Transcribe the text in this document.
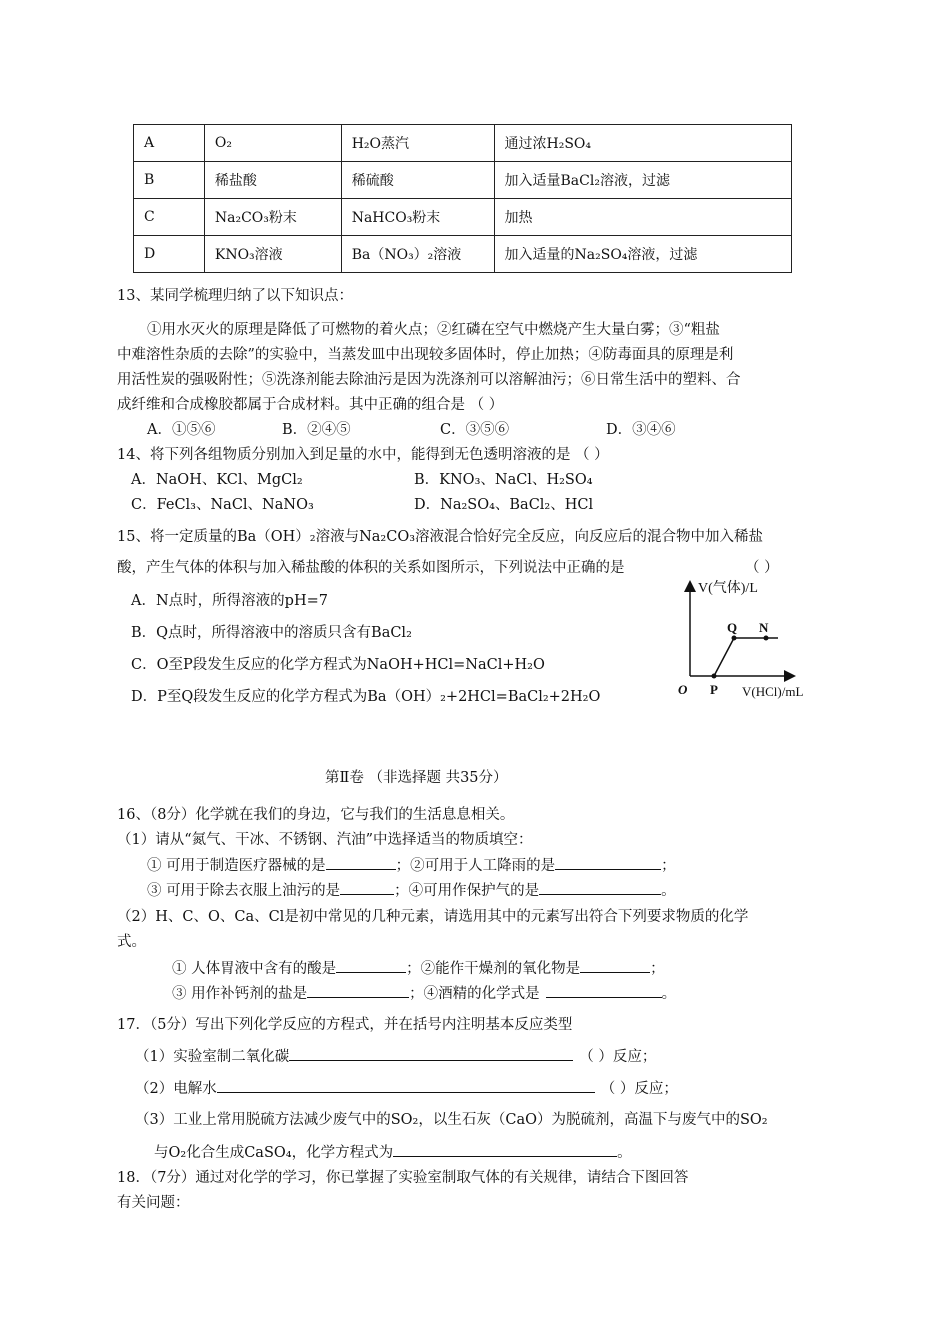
A	O₂	H₂O蒸汽	通过浓H₂SO₄
B	稀盐酸	稀硫酸	加入适量BaCl₂溶液，过滤
C	Na₂CO₃粉末	NaHCO₃粉末	加热
D	KNO₃溶液	Ba（NO₃）₂溶液	加入适量的Na₂SO₄溶液，过滤
13、某同学梳理归纳了以下知识点：
①用水灭火的原理是降低了可燃物的着火点；②红磷在空气中燃烧产生大量白雾；③“粗盐
中难溶性杂质的去除”的实验中，当蒸发皿中出现较多固体时，停止加热；④防毒面具的原理是利
用活性炭的强吸附性；⑤洗涤剂能去除油污是因为洗涤剂可以溶解油污；⑥日常生活中的塑料、合
成纤维和合成橡胶都属于合成材料。其中正确的组合是 （ ）
A．①⑤⑥	B．②④⑤	C．③⑤⑥	D．③④⑥
14、将下列各组物质分别加入到足量的水中，能得到无色透明溶液的是 （ ）
A．NaOH、KCl、MgCl₂	B．KNO₃、NaCl、H₂SO₄
C．FeCl₃、NaCl、NaNO₃	D．Na₂SO₄、BaCl₂、HCl
15、将一定质量的Ba（OH）₂溶液与Na₂CO₃溶液混合恰好完全反应，向反应后的混合物中加入稀盐
酸，产生气体的体积与加入稀盐酸的体积的关系如图所示，下列说法中正确的是	（ ）
A．N点时，所得溶液的pH=7
B．Q点时，所得溶液中的溶质只含有BaCl₂
C．O至P段发生反应的化学方程式为NaOH+HCl=NaCl+H₂O
D．P至Q段发生反应的化学方程式为Ba（OH）₂+2HCl=BaCl₂+2H₂O
V(气体)/L
V(HCl)/mL
O P
Q N
第Ⅱ卷 （非选择题 共35分）
16、（8分）化学就在我们的身边，它与我们的生活息息相关。
（1）请从“氮气、干冰、不锈钢、汽油”中选择适当的物质填空：
① 可用于制造医疗器械的是	；②可用于人工降雨的是	；
③ 可用于除去衣服上油污的是	；④可用作保护气的是	。
（2）H、C、O、Ca、Cl是初中常见的几种元素，请选用其中的元素写出符合下列要求物质的化学
式。
① 人体胃液中含有的酸是	；②能作干燥剂的氧化物是	；
③ 用作补钙剂的盐是	；④酒精的化学式是	。
17．（5分）写出下列化学反应的方程式，并在括号内注明基本反应类型
（1）实验室制二氧化碳	（ ）反应；
（2）电解水	（ ）反应；
（3）工业上常用脱硫方法减少废气中的SO₂，以生石灰（CaO）为脱硫剂，高温下与废气中的SO₂
与O₂化合生成CaSO₄，化学方程式为	。
18．（7分）通过对化学的学习，你已掌握了实验室制取气体的有关规律，请结合下图回答
有关问题：
